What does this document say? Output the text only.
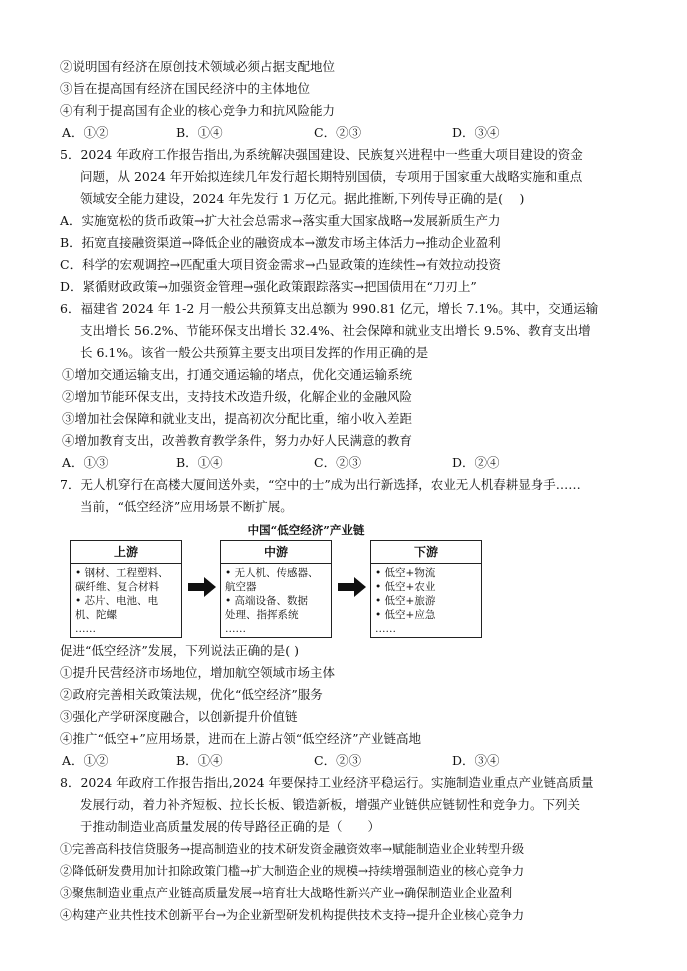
②说明国有经济在原创技术领域必须占据支配地位
③旨在提高国有经济在国民经济中的主体地位
④有利于提高国有企业的核心竞争力和抗风险能力
A．①②	B．①④	C．②③	D．③④
5．2024 年政府工作报告指出,为系统解决强国建设、民族复兴进程中一些重大项目建设的资金
问题，从 2024 年开始拟连续几年发行超长期特别国债，专项用于国家重大战略实施和重点
领域安全能力建设，2024 年先发行 1 万亿元。据此推断,下列传导正确的是(　 )
A．实施宽松的货币政策→扩大社会总需求→落实重大国家战略→发展新质生产力
B．拓宽直接融资渠道→降低企业的融资成本→激发市场主体活力→推动企业盈利
C．科学的宏观调控→匹配重大项目资金需求→凸显政策的连续性→有效拉动投资
D．紧循财政政策→加强资金管理→强化政策跟踪落实→把国债用在“刀刃上”
6．福建省 2024 年 1-2 月一般公共预算支出总额为 990.81 亿元，增长 7.1%。其中，交通运输
支出增长 56.2%、节能环保支出增长 32.4%、社会保障和就业支出增长 9.5%、教育支出增
长 6.1%。该省一般公共预算主要支出项目发挥的作用正确的是
①增加交通运输支出，打通交通运输的堵点，优化交通运输系统
②增加节能环保支出，支持技术改造升级，化解企业的金融风险
③增加社会保障和就业支出，提高初次分配比重，缩小收入差距
④增加教育支出，改善教育教学条件，努力办好人民满意的教育
A．①③	B．①④	C．②③	D．②④
7．无人机穿行在高楼大厦间送外卖，“空中的士”成为出行新选择，农业无人机春耕显身手……
当前，“低空经济”应用场景不断扩展。
中国“低空经济”产业链
上游
• 钢材、工程塑料、
碳纤维、复合材料
• 芯片、电池、电
机、陀螺
……
中游
• 无人机、传感器、
航空器
• 高端设备、数据
处理、指挥系统
……
下游
• 低空+物流
• 低空+农业
• 低空+旅游
• 低空+应急
……
促进“低空经济”发展，下列说法正确的是( )
①提升民营经济市场地位，增加航空领域市场主体
②政府完善相关政策法规，优化“低空经济”服务
③强化产学研深度融合，以创新提升价值链
④推广“低空+”应用场景，进而在上游占领“低空经济”产业链高地
A．①②	B．①④	C．②③	D．③④
8．2024 年政府工作报告指出,2024 年要保持工业经济平稳运行。实施制造业重点产业链高质量
发展行动，着力补齐短板、拉长长板、锻造新板，增强产业链供应链韧性和竞争力。下列关
于推动制造业高质量发展的传导路径正确的是（　　）
①完善高科技信贷服务→提高制造业的技术研发资金融资效率→赋能制造业企业转型升级
②降低研发费用加计扣除政策门槛→扩大制造企业的规模→持续增强制造业的核心竞争力
③聚焦制造业重点产业链高质量发展→培育壮大战略性新兴产业→确保制造业企业盈利
④构建产业共性技术创新平台→为企业新型研发机构提供技术支持→提升企业核心竞争力
